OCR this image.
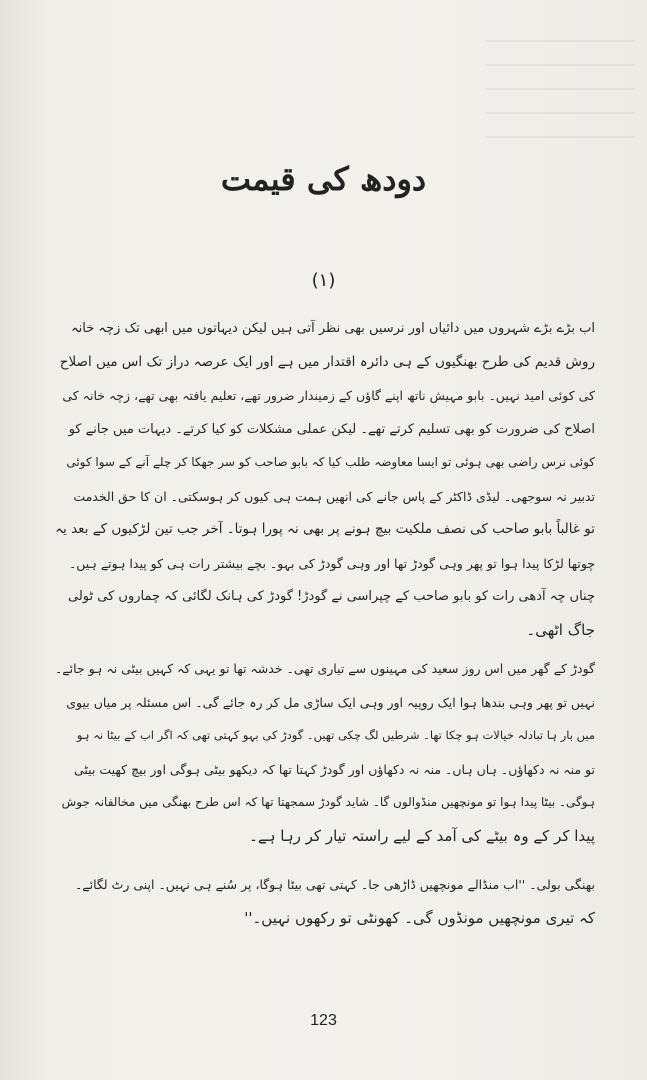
دودھ کی قیمت
(۱)
اب بڑے بڑے شہروں میں دائیاں اور نرسیں بھی نظر آتی ہیں لیکن دیہاتوں میں ابھی تک زچہ خانہ
روش قدیم کی طرح بھنگیوں کے ہی دائرہ اقتدار میں ہے اور ایک عرصہ دراز تک اس میں اصلاح
کی کوئی امید نہیں۔ بابو مہیش ناتھ اپنے گاؤں کے زمیندار ضرور تھے، تعلیم یافتہ بھی تھے، زچہ خانہ کی
اصلاح کی ضرورت کو بھی تسلیم کرتے تھے۔ لیکن عملی مشکلات کو کیا کرتے۔ دیہات میں جانے کو
کوئی نرس راضی بھی ہوئی تو ایسا معاوضہ طلب کیا کہ بابو صاحب کو سر جھکا کر چلے آنے کے سوا کوئی
تدبیر نہ سوجھی۔ لیڈی ڈاکٹر کے پاس جانے کی انھیں ہمت ہی کیوں کر ہوسکتی۔ ان کا حق الخدمت
تو غالباً بابو صاحب کی نصف ملکیت بیچ ہونے پر بھی نہ پورا ہوتا۔ آخر جب تین لڑکیوں کے بعد یہ
چوتھا لڑکا پیدا ہوا تو پھر وہی گودڑ تھا اور وہی گودڑ کی بہو۔ بچے بیشتر رات ہی کو پیدا ہوتے ہیں۔
چناں چہ آدھی رات کو بابو صاحب کے چپراسی نے گودڑ! گودڑ کی ہانک لگائی کہ چماروں کی ٹولی
جاگ اٹھی۔
گودڑ کے گھر میں اس روز سعید کی مہینوں سے تیاری تھی۔ خدشہ تھا تو یہی کہ کہیں بیٹی نہ ہو جائے۔
نہیں تو پھر وہی بندھا ہوا ایک روپیہ اور وہی ایک ساڑی مل کر رہ جائے گی۔ اس مسئلہ پر میاں بیوی
میں بار ہا تبادلہ خیالات ہو چکا تھا۔ شرطیں لگ چکی تھیں۔ گودڑ کی بہو کہتی تھی کہ اگر اب کے بیٹا نہ ہو
تو منہ نہ دکھاؤں۔ ہاں ہاں۔ منہ نہ دکھاؤں اور گودڑ کہتا تھا کہ دیکھو بیٹی ہوگی اور بیچ کھیت بیٹی
ہوگی۔ بیٹا پیدا ہوا تو مونچھیں منڈوالوں گا۔ شاید گودڑ سمجھتا تھا کہ اس طرح بھنگی میں مخالفانہ جوش
پیدا کر کے وہ بیٹے کی آمد کے لیے راستہ تیار کر رہا ہے۔
بھنگی بولی۔ ''اب منڈالے مونچھیں ڈاڑھی جا۔ کہتی تھی بیٹا ہوگا، پر سُنے ہی نہیں۔ اپنی رٹ لگائے۔
کہ تیری مونچھیں مونڈوں گی۔ کھونٹی تو رکھوں نہیں۔''
123
